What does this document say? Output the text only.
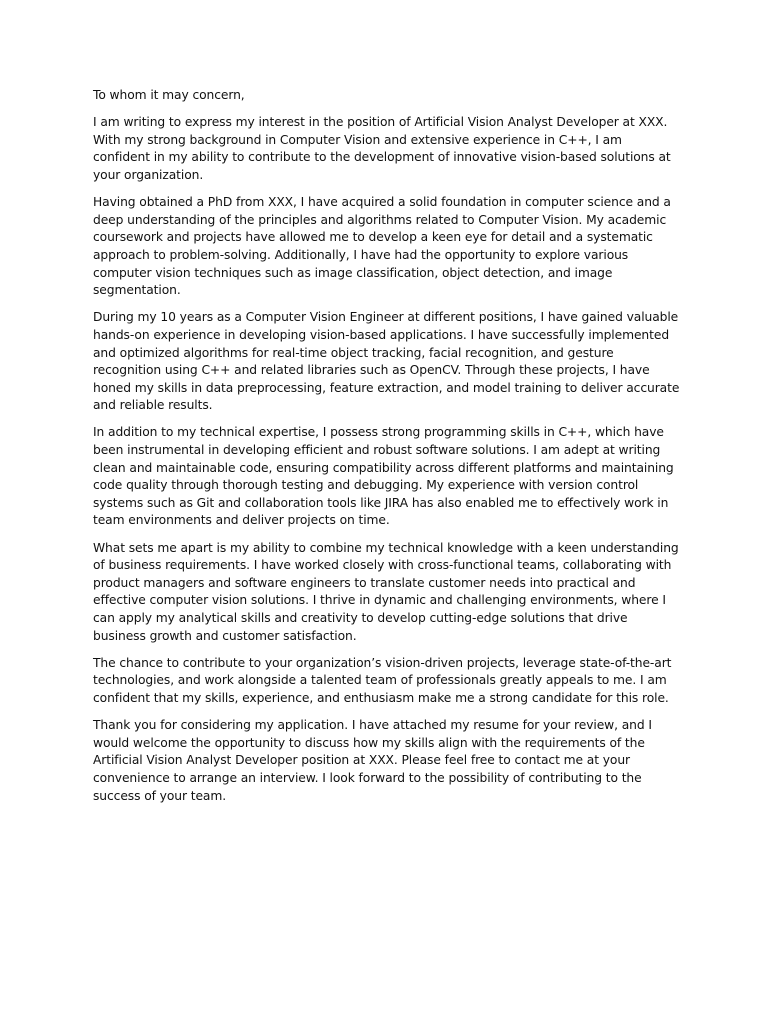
To whom it may concern,

I am writing to express my interest in the position of Artificial Vision Analyst Developer at XXX. With my strong background in Computer Vision and extensive experience in C++, I am confident in my ability to contribute to the development of innovative vision-based solutions at your organization.

Having obtained a PhD from XXX, I have acquired a solid foundation in computer science and a deep understanding of the principles and algorithms related to Computer Vision. My academic coursework and projects have allowed me to develop a keen eye for detail and a systematic approach to problem-solving. Additionally, I have had the opportunity to explore various computer vision techniques such as image classification, object detection, and image segmentation.

During my 10 years as a Computer Vision Engineer at different positions, I have gained valuable hands-on experience in developing vision-based applications. I have successfully implemented and optimized algorithms for real-time object tracking, facial recognition, and gesture recognition using C++ and related libraries such as OpenCV. Through these projects, I have honed my skills in data preprocessing, feature extraction, and model training to deliver accurate and reliable results.

In addition to my technical expertise, I possess strong programming skills in C++, which have been instrumental in developing efficient and robust software solutions. I am adept at writing clean and maintainable code, ensuring compatibility across different platforms and maintaining code quality through thorough testing and debugging. My experience with version control systems such as Git and collaboration tools like JIRA has also enabled me to effectively work in team environments and deliver projects on time.

What sets me apart is my ability to combine my technical knowledge with a keen understanding of business requirements. I have worked closely with cross-functional teams, collaborating with product managers and software engineers to translate customer needs into practical and effective computer vision solutions. I thrive in dynamic and challenging environments, where I can apply my analytical skills and creativity to develop cutting-edge solutions that drive business growth and customer satisfaction.

The chance to contribute to your organization’s vision-driven projects, leverage state-of-the-art technologies, and work alongside a talented team of professionals greatly appeals to me. I am confident that my skills, experience, and enthusiasm make me a strong candidate for this role.

Thank you for considering my application. I have attached my resume for your review, and I would welcome the opportunity to discuss how my skills align with the requirements of the Artificial Vision Analyst Developer position at XXX. Please feel free to contact me at your convenience to arrange an interview. I look forward to the possibility of contributing to the success of your team.
